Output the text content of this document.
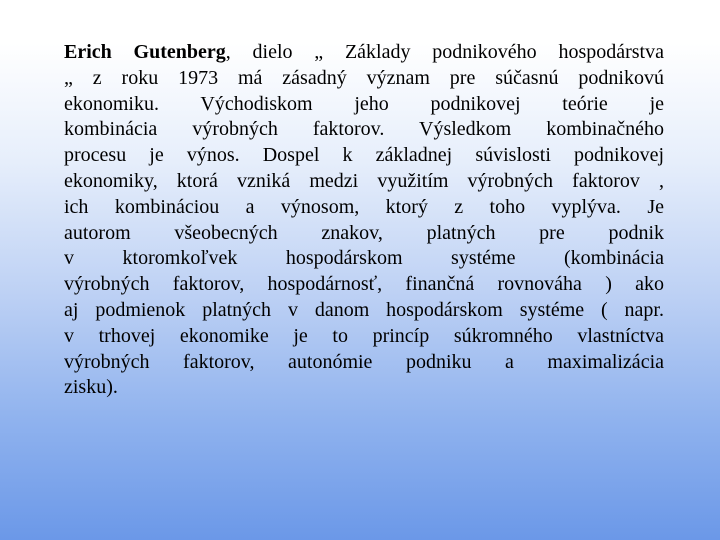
Erich Gutenberg, dielo „ Základy podnikového hospodárstva
„ z roku 1973 má zásadný význam pre súčasnú podnikovú
ekonomiku. Východiskom jeho podnikovej teórie je
kombinácia výrobných faktorov. Výsledkom kombinačného
procesu je výnos. Dospel k základnej súvislosti podnikovej
ekonomiky, ktorá vzniká medzi využitím výrobných faktorov ,
ich kombináciou a výnosom, ktorý z toho vyplýva. Je
autorom všeobecných znakov, platných pre podnik
v ktoromkoľvek hospodárskom systéme (kombinácia
výrobných faktorov, hospodárnosť, finančná rovnováha ) ako
aj podmienok platných v danom hospodárskom systéme ( napr.
v trhovej ekonomike je to princíp súkromného vlastníctva
výrobných faktorov, autonómie podniku a maximalizácia
zisku).
